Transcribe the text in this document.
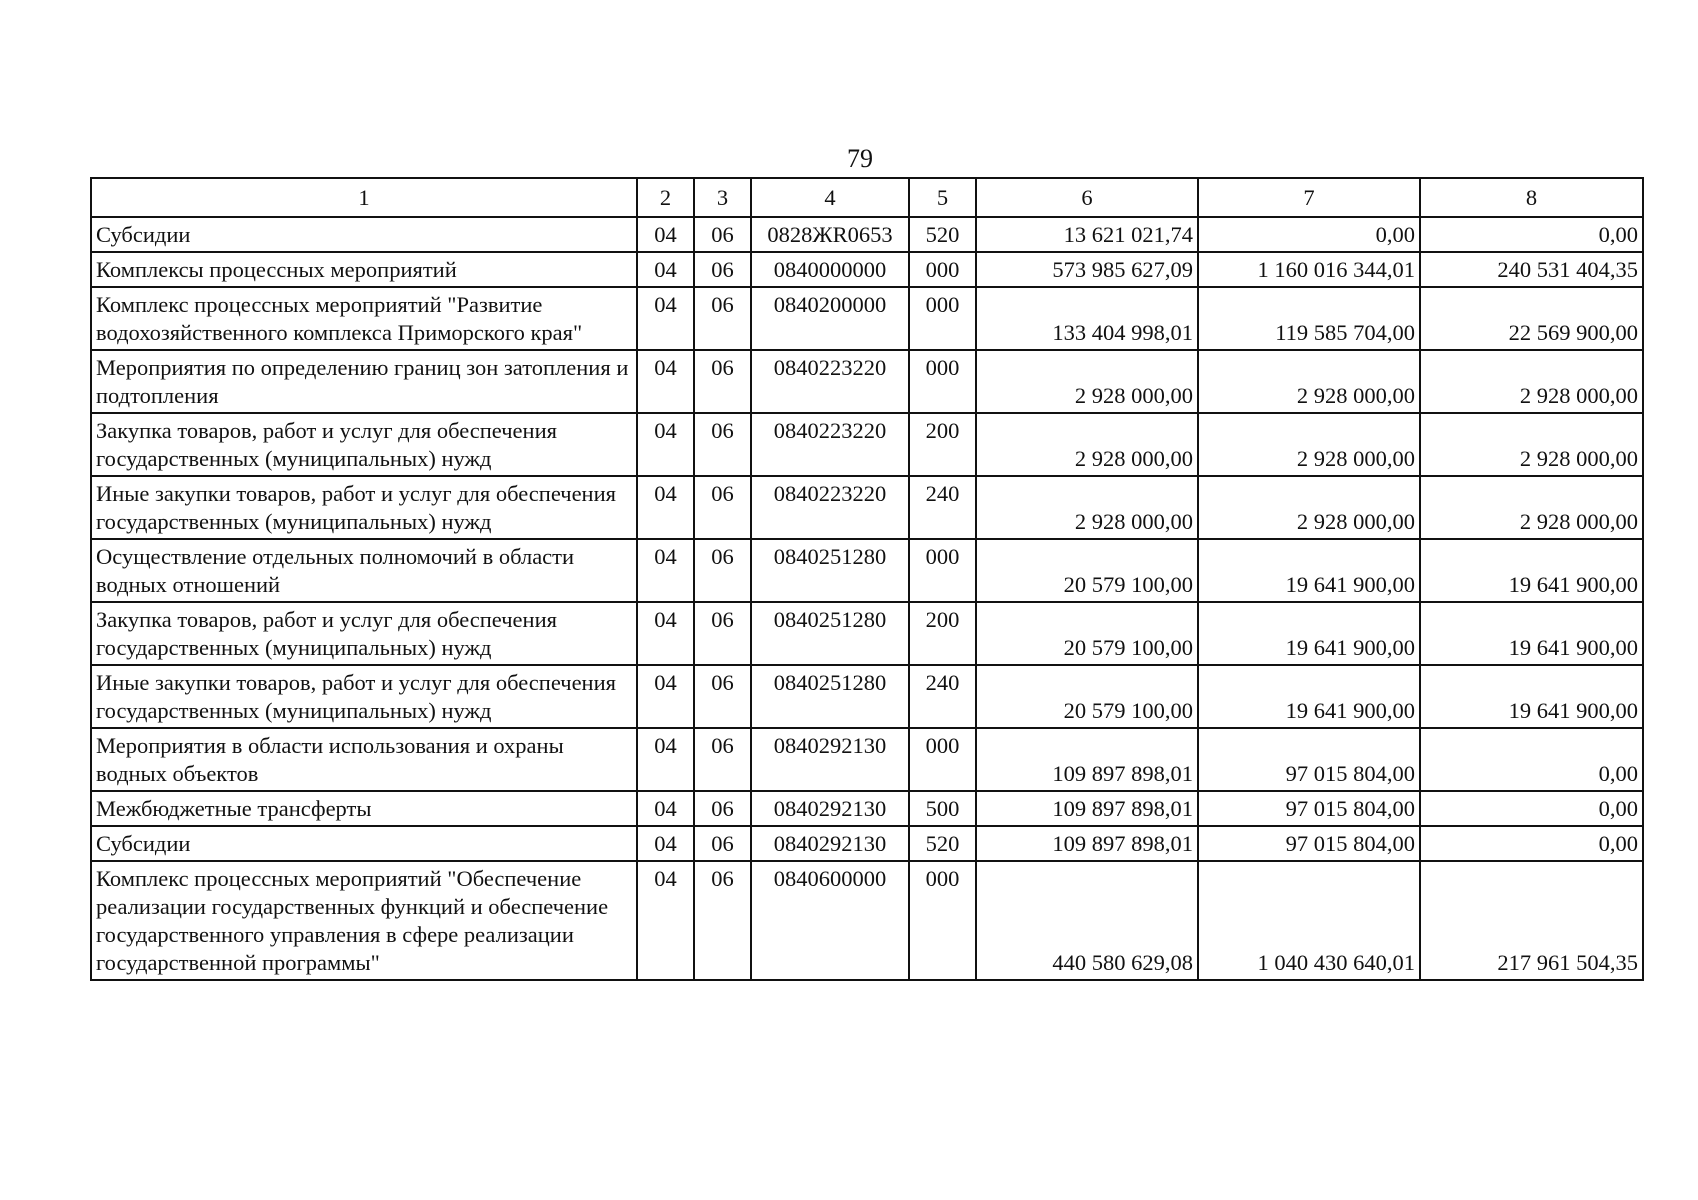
79
1	2	3	4	5	6	7	8
Субсидии	04	06	0828ЖR0653	520	13 621 021,74	0,00	0,00
Комплексы процессных мероприятий	04	06	0840000000	000	573 985 627,09	1 160 016 344,01	240 531 404,35
Комплекс процессных мероприятий "Развитие водохозяйственного комплекса Приморского края"	04	06	0840200000	000	133 404 998,01	119 585 704,00	22 569 900,00
Мероприятия по определению границ зон затопления и подтопления	04	06	0840223220	000	2 928 000,00	2 928 000,00	2 928 000,00
Закупка товаров, работ и услуг для обеспечения государственных (муниципальных) нужд	04	06	0840223220	200	2 928 000,00	2 928 000,00	2 928 000,00
Иные закупки товаров, работ и услуг для обеспечения государственных (муниципальных) нужд	04	06	0840223220	240	2 928 000,00	2 928 000,00	2 928 000,00
Осуществление отдельных полномочий в области водных отношений	04	06	0840251280	000	20 579 100,00	19 641 900,00	19 641 900,00
Закупка товаров, работ и услуг для обеспечения государственных (муниципальных) нужд	04	06	0840251280	200	20 579 100,00	19 641 900,00	19 641 900,00
Иные закупки товаров, работ и услуг для обеспечения государственных (муниципальных) нужд	04	06	0840251280	240	20 579 100,00	19 641 900,00	19 641 900,00
Мероприятия в области использования и охраны водных объектов	04	06	0840292130	000	109 897 898,01	97 015 804,00	0,00
Межбюджетные трансферты	04	06	0840292130	500	109 897 898,01	97 015 804,00	0,00
Субсидии	04	06	0840292130	520	109 897 898,01	97 015 804,00	0,00
Комплекс процессных мероприятий "Обеспечение реализации государственных функций и обеспечение государственного управления в сфере реализации государственной программы"	04	06	0840600000	000	440 580 629,08	1 040 430 640,01	217 961 504,35
